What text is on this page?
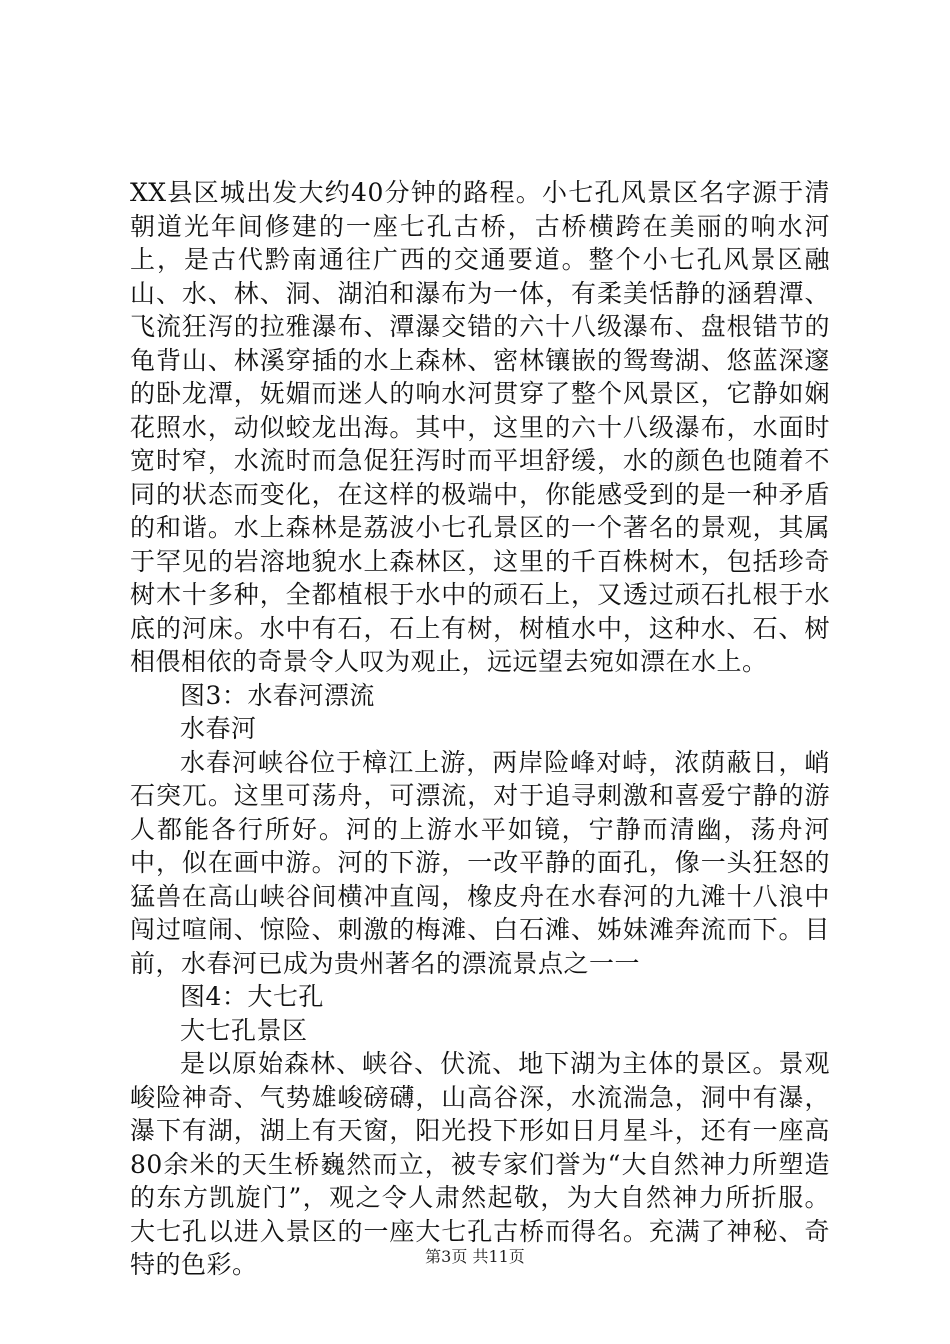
XX县区城出发大约40分钟的路程。小七孔风景区名字源于清朝道光年间修建的一座七孔古桥，古桥横跨在美丽的响水河上，是古代黔南通往广西的交通要道。整个小七孔风景区融山、水、林、洞、湖泊和瀑布为一体，有柔美恬静的涵碧潭、飞流狂泻的拉雅瀑布、潭瀑交错的六十八级瀑布、盘根错节的龟背山、林溪穿插的水上森林、密林镶嵌的鸳鸯湖、悠蓝深邃的卧龙潭，妩媚而迷人的响水河贯穿了整个风景区，它静如娴花照水，动似蛟龙出海。其中，这里的六十八级瀑布，水面时宽时窄，水流时而急促狂泻时而平坦舒缓，水的颜色也随着不同的状态而变化，在这样的极端中，你能感受到的是一种矛盾的和谐。水上森林是荔波小七孔景区的一个著名的景观，其属于罕见的岩溶地貌水上森林区，这里的千百株树木，包括珍奇树木十多种，全都植根于水中的顽石上，又透过顽石扎根于水底的河床。水中有石，石上有树，树植水中，这种水、石、树相偎相依的奇景令人叹为观止，远远望去宛如漂在水上。

图3：水春河漂流

水春河

水春河峡谷位于樟江上游，两岸险峰对峙，浓荫蔽日，峭石突兀。这里可荡舟，可漂流，对于追寻刺激和喜爱宁静的游人都能各行所好。河的上游水平如镜，宁静而清幽，荡舟河中，似在画中游。河的下游，一改平静的面孔，像一头狂怒的猛兽在高山峡谷间横冲直闯，橡皮舟在水春河的九滩十八浪中闯过喧闹、惊险、刺激的梅滩、白石滩、姊妹滩奔流而下。目前，水春河已成为贵州著名的漂流景点之一一

图4：大七孔

大七孔景区

是以原始森林、峡谷、伏流、地下湖为主体的景区。景观峻险神奇、气势雄峻磅礴，山高谷深，水流湍急，洞中有瀑，瀑下有湖，湖上有天窗，阳光投下形如日月星斗，还有一座高80余米的天生桥巍然而立，被专家们誉为“大自然神力所塑造的东方凯旋门”，观之令人肃然起敬，为大自然神力所折服。大七孔以进入景区的一座大七孔古桥而得名。充满了神秘、奇特的色彩。	第3页 共11页
